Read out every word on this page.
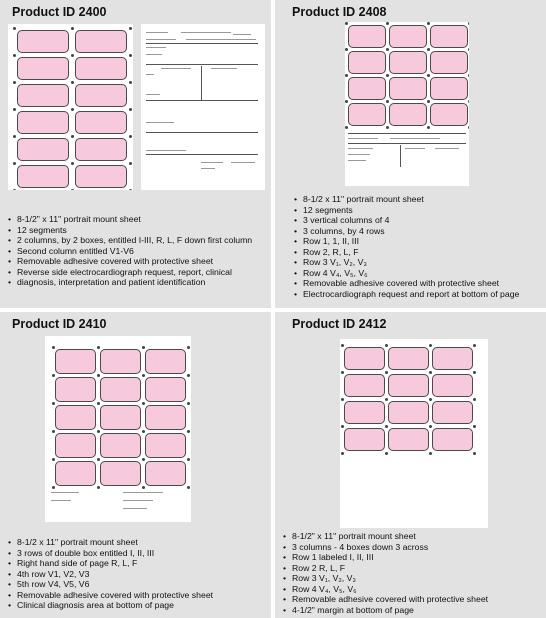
Product ID 2400
• 8-1/2" x 11" portrait mount sheet
• 12 segments
• 2 columns, by 2 boxes, entitled I-III, R, L, F down first column
• Second column entitled V1-V6
• Removable adhesive covered with protective sheet
• Reverse side electrocardiograph request, report, clinical
• diagnosis, interpretation and patient identification
Product ID 2408
• 8-1/2 x 11" portrait mount sheet
• 12 segments
• 3 vertical columns of 4
• 3 columns, by 4 rows
• Row 1, 1, II, III
• Row 2, R, L, F
• Row 3 V₁, V₂, V₃
• Row 4 V₄, V₅, V₆
• Removable adhesive covered with protective sheet
• Electrocardiograph request and report at bottom of page
Product ID 2410
• 8-1/2 x 11" portrait mount sheet
• 3 rows of double box entitled I, II, III
• Right hand side of page R, L, F
• 4th row V1, V2, V3
• 5th row V4, V5, V6
• Removable adhesive covered with protective sheet
• Clinical diagnosis area at bottom of page
Product ID 2412
• 8-1/2" x 11" portrait mount sheet
• 3 columns - 4 boxes down 3 across
• Row 1 labeled I, II, III
• Row 2 R, L, F
• Row 3 V₁, V₂, V₃
• Row 4 V₄, V₅, V₆
• Removable adhesive covered with protective sheet
• 4-1/2" margin at bottom of page
